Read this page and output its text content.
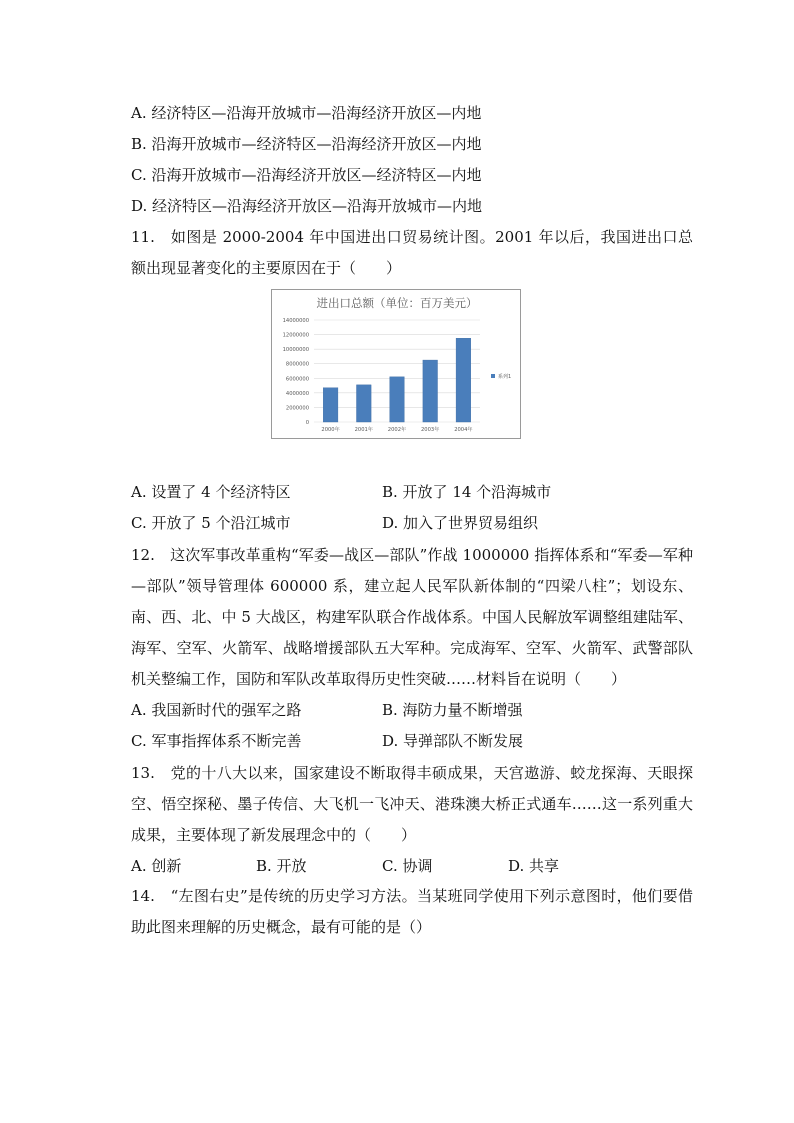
A. 经济特区—沿海开放城市—沿海经济开放区—内地
B. 沿海开放城市—经济特区—沿海经济开放区—内地
C. 沿海开放城市—沿海经济开放区—经济特区—内地
D. 经济特区—沿海经济开放区—沿海开放城市—内地
11.　如图是 2000-2004 年中国进出口贸易统计图。2001 年以后，我国进出口总额出现显著变化的主要原因在于（　　）
进出口总额（单位：百万美元）
14000000
12000000
10000000
8000000
6000000
4000000
2000000
0
2000年	2001年	2002年	2003年	2004年
系列1
A. 设置了 4 个经济特区	B. 开放了 14 个沿海城市
C. 开放了 5 个沿江城市	D. 加入了世界贸易组织
12.　这次军事改革重构“军委—战区—部队”作战 1000000 指挥体系和“军委—军种—部队”领导管理体 600000 系，建立起人民军队新体制的“四梁八柱”；划设东、南、西、北、中 5 大战区，构建军队联合作战体系。中国人民解放军调整组建陆军、海军、空军、火箭军、战略增援部队五大军种。完成海军、空军、火箭军、武警部队机关整编工作，国防和军队改革取得历史性突破……材料旨在说明（　　）
A. 我国新时代的强军之路	B. 海防力量不断增强
C. 军事指挥体系不断完善	D. 导弹部队不断发展
13.　党的十八大以来，国家建设不断取得丰硕成果，天宫遨游、蛟龙探海、天眼探空、悟空探秘、墨子传信、大飞机一飞冲天、港珠澳大桥正式通车……这一系列重大成果，主要体现了新发展理念中的（　　）
A. 创新	B. 开放	C. 协调	D. 共享
14.　“左图右史”是传统的历史学习方法。当某班同学使用下列示意图时，他们要借助此图来理解的历史概念，最有可能的是（）
